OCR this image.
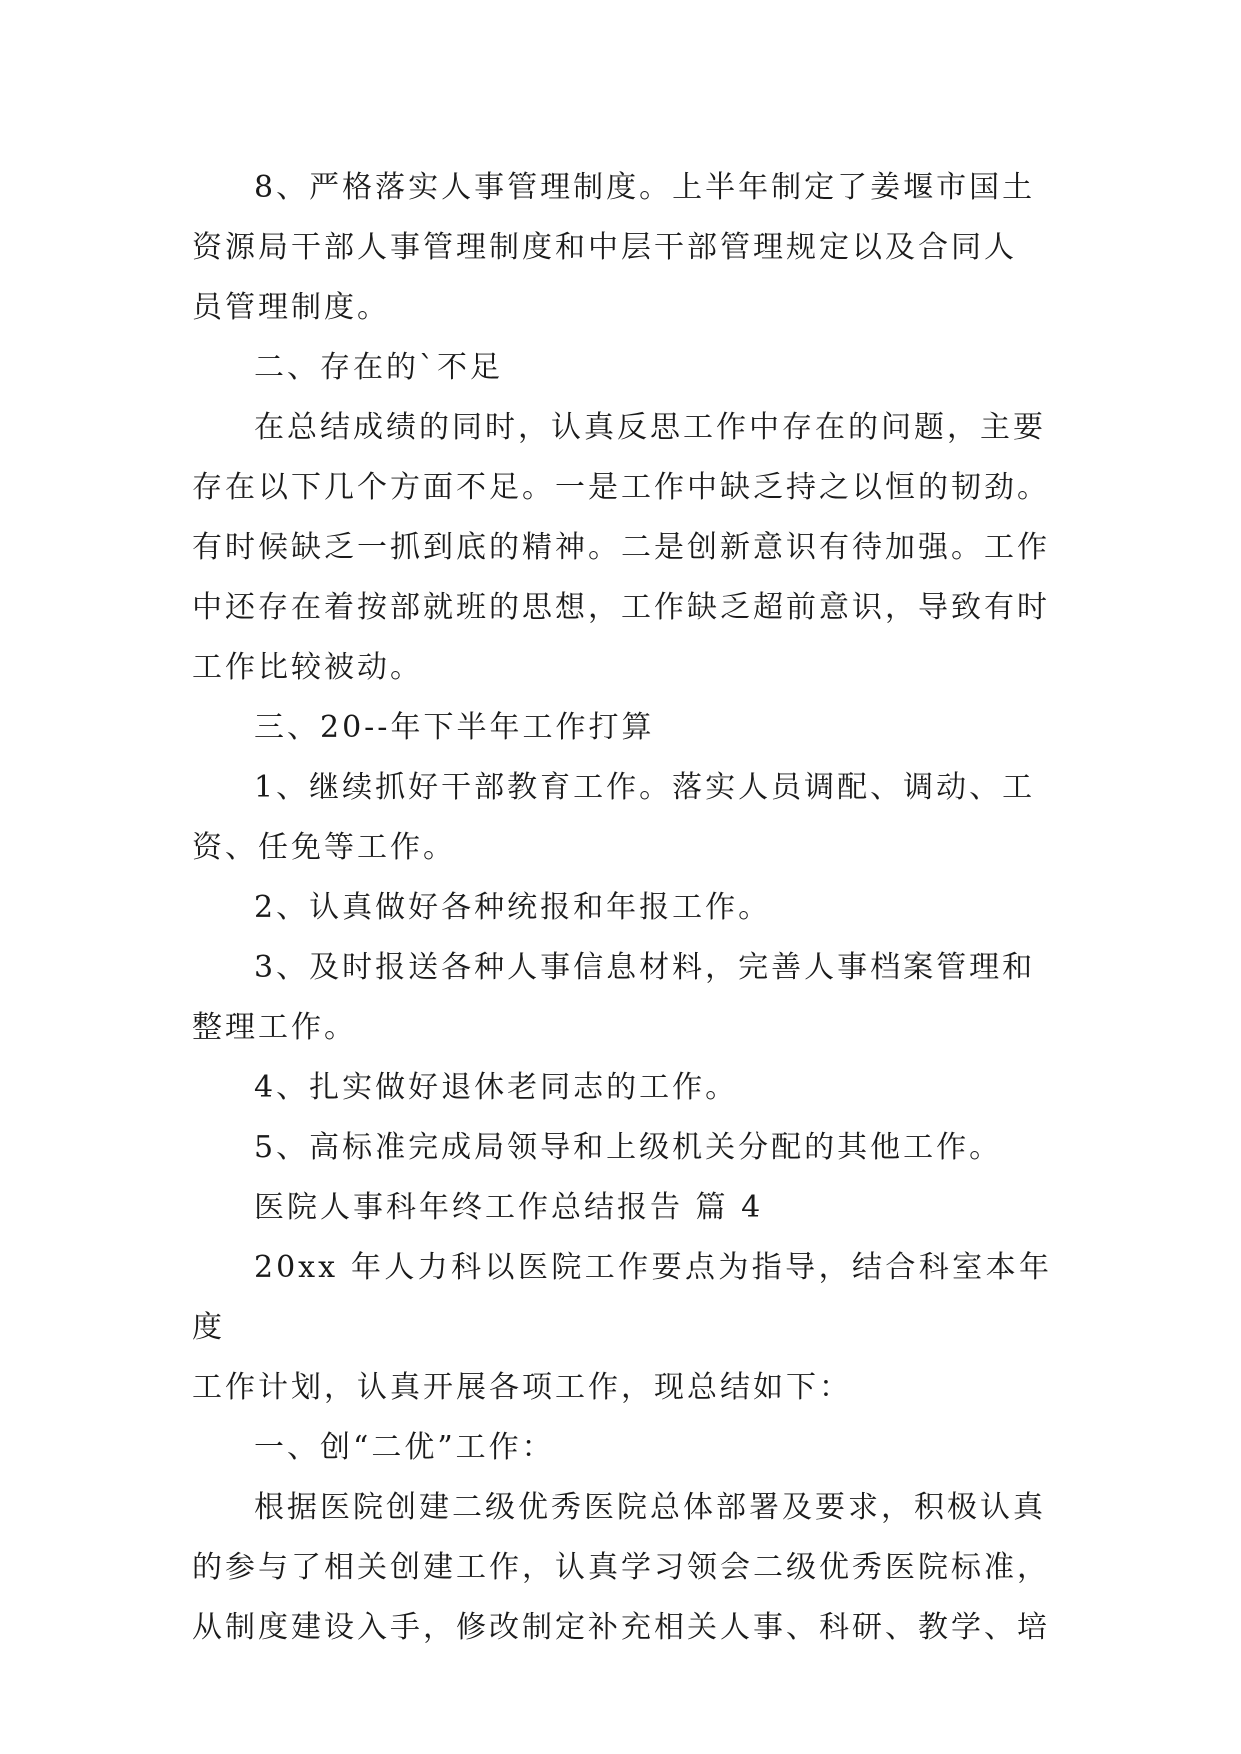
8、严格落实人事管理制度。上半年制定了姜堰市国土
资源局干部人事管理制度和中层干部管理规定以及合同人
员管理制度。

二、存在的`不足

在总结成绩的同时，认真反思工作中存在的问题，主要
存在以下几个方面不足。一是工作中缺乏持之以恒的韧劲。
有时候缺乏一抓到底的精神。二是创新意识有待加强。工作
中还存在着按部就班的思想，工作缺乏超前意识，导致有时
工作比较被动。

三、20--年下半年工作打算

1、继续抓好干部教育工作。落实人员调配、调动、工
资、任免等工作。

2、认真做好各种统报和年报工作。

3、及时报送各种人事信息材料，完善人事档案管理和
整理工作。

4、扎实做好退休老同志的工作。

5、高标准完成局领导和上级机关分配的其他工作。

医院人事科年终工作总结报告 篇 4

20xx 年人力科以医院工作要点为指导，结合科室本年度
工作计划，认真开展各项工作，现总结如下：

一、创“二优”工作：

根据医院创建二级优秀医院总体部署及要求，积极认真
的参与了相关创建工作，认真学习领会二级优秀医院标准，
从制度建设入手，修改制定补充相关人事、科研、教学、培
